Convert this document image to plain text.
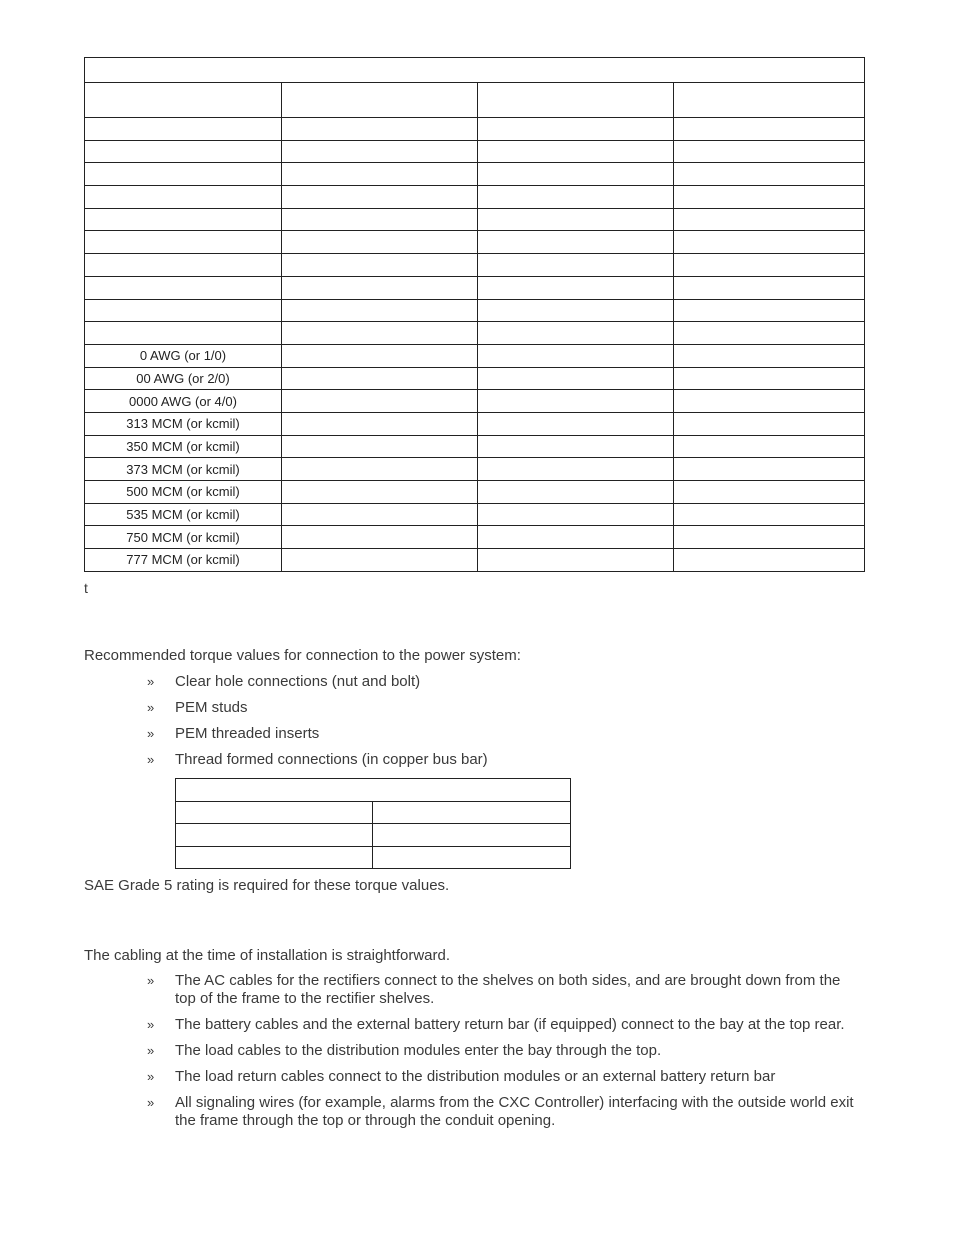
0 AWG (or 1/0)			
00 AWG (or 2/0)			
0000 AWG (or 4/0)			
313 MCM (or kcmil)			
350 MCM (or kcmil)			
373 MCM (or kcmil)			
500 MCM (or kcmil)			
535 MCM (or kcmil)			
750 MCM (or kcmil)			
777 MCM (or kcmil)			
t
Recommended torque values for connection to the power system:
» Clear hole connections (nut and bolt)
» PEM studs
» PEM threaded inserts
» Thread formed connections (in copper bus bar)

SAE Grade 5 rating is required for these torque values.
The cabling at the time of installation is straightforward.
» The AC cables for the rectifiers connect to the shelves on both sides, and are brought down from the top of the frame to the rectifier shelves.
» The battery cables and the external battery return bar (if equipped) connect to the bay at the top rear.
» The load cables to the distribution modules enter the bay through the top.
» The load return cables connect to the distribution modules or an external battery return bar
» All signaling wires (for example, alarms from the CXC Controller) interfacing with the outside world exit the frame through the top or through the conduit opening.
